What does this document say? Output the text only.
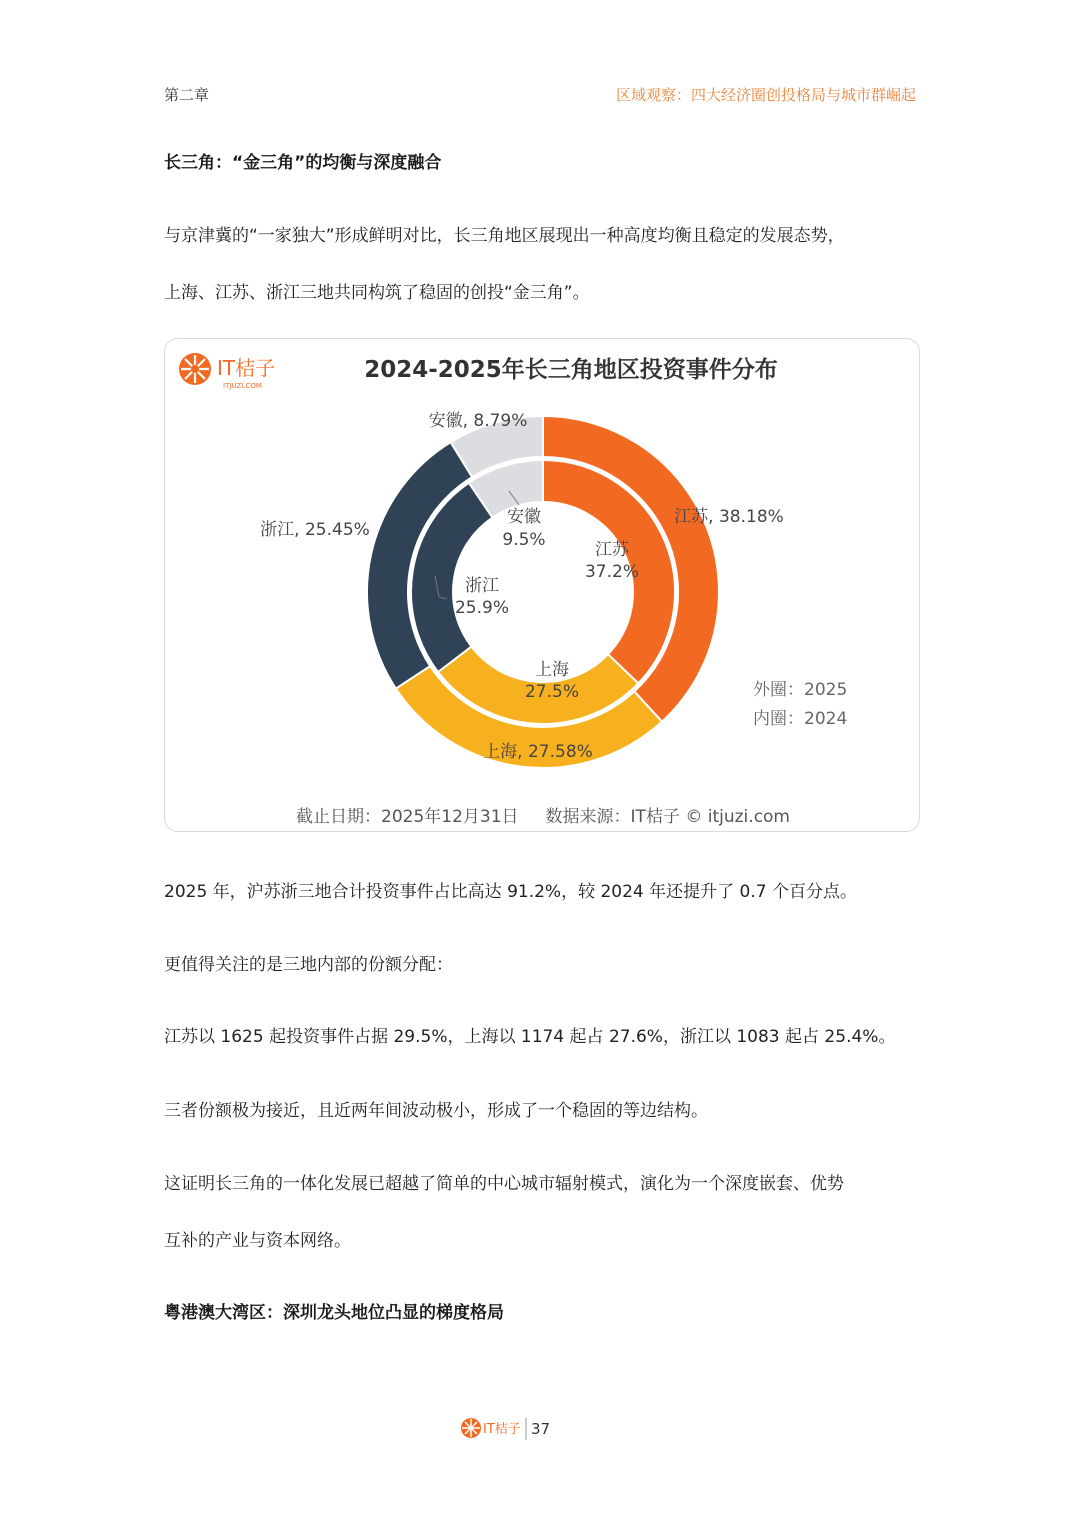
第二章	区域观察：四大经济圈创投格局与城市群崛起
长三角：“金三角”的均衡与深度融合
与京津冀的“一家独大”形成鲜明对比，长三角地区展现出一种高度均衡且稳定的发展态势，
上海、江苏、浙江三地共同构筑了稳固的创投“金三角”。
IT桔子
ITJUZI.COM
2024-2025年长三角地区投资事件分布
安徽, 8.79%
江苏, 38.18%
浙江, 25.45%
上海, 27.58%
安徽
9.5%	江苏
37.2%
浙江
25.9%
上海
27.5%	外圈：2025
内圈：2024
截止日期：2025年12月31日     数据来源：IT桔子 © itjuzi.com
2025 年，沪苏浙三地合计投资事件占比高达 91.2%，较 2024 年还提升了 0.7 个百分点。
更值得关注的是三地内部的份额分配：
江苏以 1625 起投资事件占据 29.5%，上海以 1174 起占 27.6%，浙江以 1083 起占 25.4%。
三者份额极为接近，且近两年间波动极小，形成了一个稳固的等边结构。
这证明长三角的一体化发展已超越了简单的中心城市辐射模式，演化为一个深度嵌套、优势
互补的产业与资本网络。
粤港澳大湾区：深圳龙头地位凸显的梯度格局
IT桔子 37
